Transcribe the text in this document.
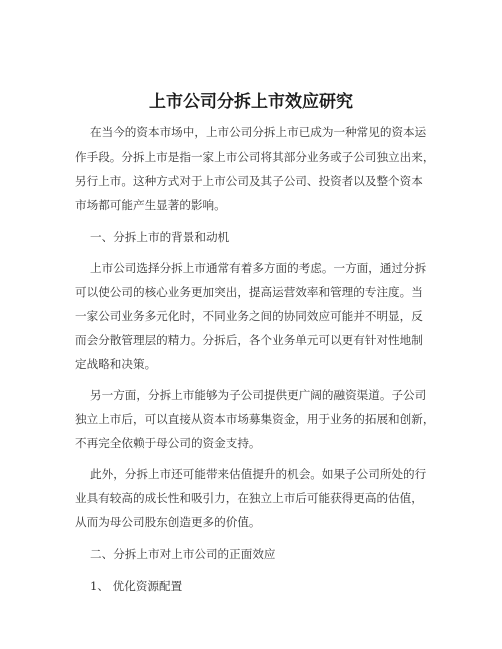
上市公司分拆上市效应研究

在当今的资本市场中，上市公司分拆上市已成为一种常见的资本运

作手段。分拆上市是指一家上市公司将其部分业务或子公司独立出来，

另行上市。这种方式对于上市公司及其子公司、投资者以及整个资本

市场都可能产生显著的影响。

一、分拆上市的背景和动机

上市公司选择分拆上市通常有着多方面的考虑。一方面，通过分拆

可以使公司的核心业务更加突出，提高运营效率和管理的专注度。当

一家公司业务多元化时，不同业务之间的协同效应可能并不明显，反

而会分散管理层的精力。分拆后，各个业务单元可以更有针对性地制

定战略和决策。

另一方面，分拆上市能够为子公司提供更广阔的融资渠道。子公司

独立上市后，可以直接从资本市场募集资金，用于业务的拓展和创新，

不再完全依赖于母公司的资金支持。

此外，分拆上市还可能带来估值提升的机会。如果子公司所处的行

业具有较高的成长性和吸引力，在独立上市后可能获得更高的估值，

从而为母公司股东创造更多的价值。

二、分拆上市对上市公司的正面效应

1、 优化资源配置
